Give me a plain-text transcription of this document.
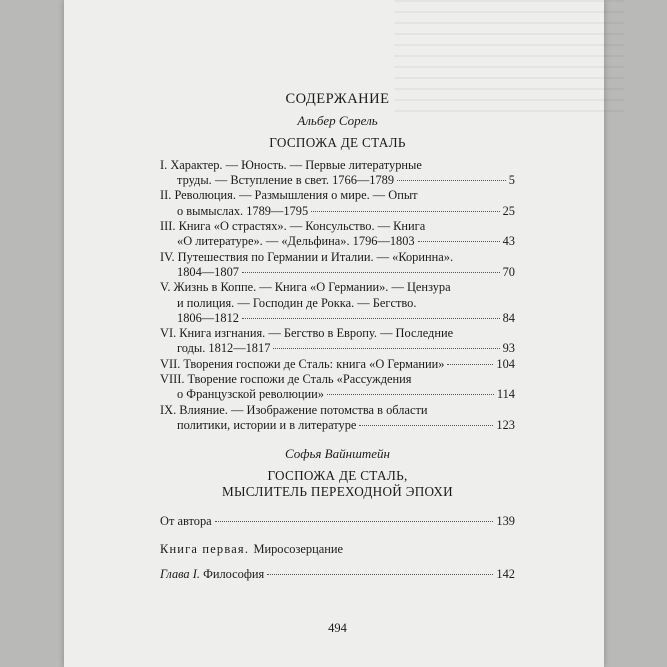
СОДЕРЖАНИЕ
Альбер Сорель
ГОСПОЖА ДЕ СТАЛЬ
I. Характер. — Юность. — Первые литературные
труды. — Вступление в свет. 1766—1789	5
II. Революция. — Размышления о мире. — Опыт
о вымыслах. 1789—1795	25
III. Книга «О страстях». — Консульство. — Книга
«О литературе». — «Дельфина». 1796—1803	43
IV. Путешествия по Германии и Италии. — «Коринна».
1804—1807	70
V. Жизнь в Коппе. — Книга «О Германии». — Цензура
и полиция. — Господин де Рокка. — Бегство.
1806—1812	84
VI. Книга изгнания. — Бегство в Европу. — Последние
годы. 1812—1817	93
VII. Творения госпожи де Сталь: книга «О Германии»	104
VIII. Творение госпожи де Сталь «Рассуждения
о Французской революции»	114
IX. Влияние. — Изображение потомства в области
политики, истории и в литературе	123
Софья Вайнштейн
ГОСПОЖА ДЕ СТАЛЬ,
МЫСЛИТЕЛЬ ПЕРЕХОДНОЙ ЭПОХИ
От автора	139
Книга первая. Миросозерцание
Глава I. Философия	142
494
